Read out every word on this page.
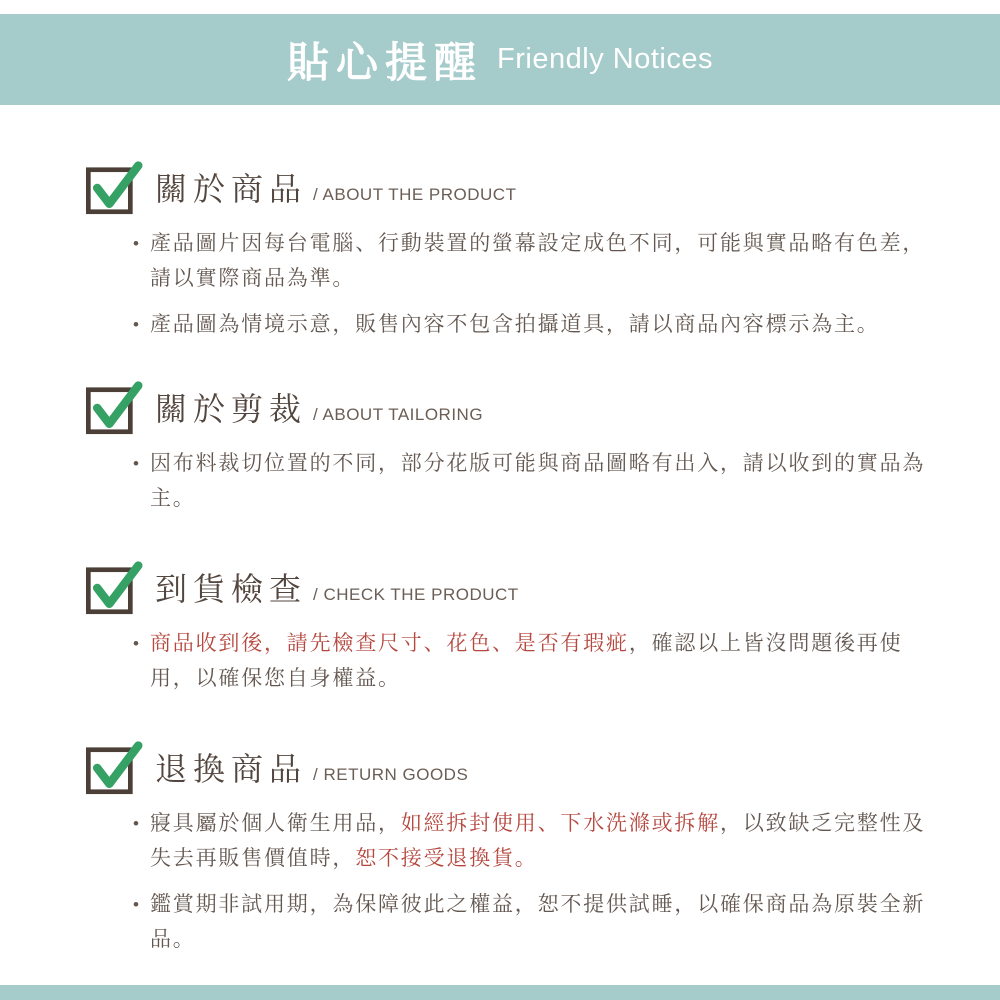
貼心提醒 Friendly Notices
關於商品 / ABOUT THE PRODUCT
• 產品圖片因每台電腦、行動裝置的螢幕設定成色不同，可能與實品略有色差，請以實際商品為準。
• 產品圖為情境示意，販售內容不包含拍攝道具，請以商品內容標示為主。
關於剪裁 / ABOUT TAILORING
• 因布料裁切位置的不同，部分花版可能與商品圖略有出入，請以收到的實品為主。
到貨檢查 / CHECK THE PRODUCT
• 商品收到後，請先檢查尺寸、花色、是否有瑕疵，確認以上皆沒問題後再使用，以確保您自身權益。
退換商品 / RETURN GOODS
• 寢具屬於個人衛生用品，如經拆封使用、下水洗滌或拆解，以致缺乏完整性及失去再販售價值時，恕不接受退換貨。
• 鑑賞期非試用期，為保障彼此之權益，恕不提供試睡，以確保商品為原裝全新品。
